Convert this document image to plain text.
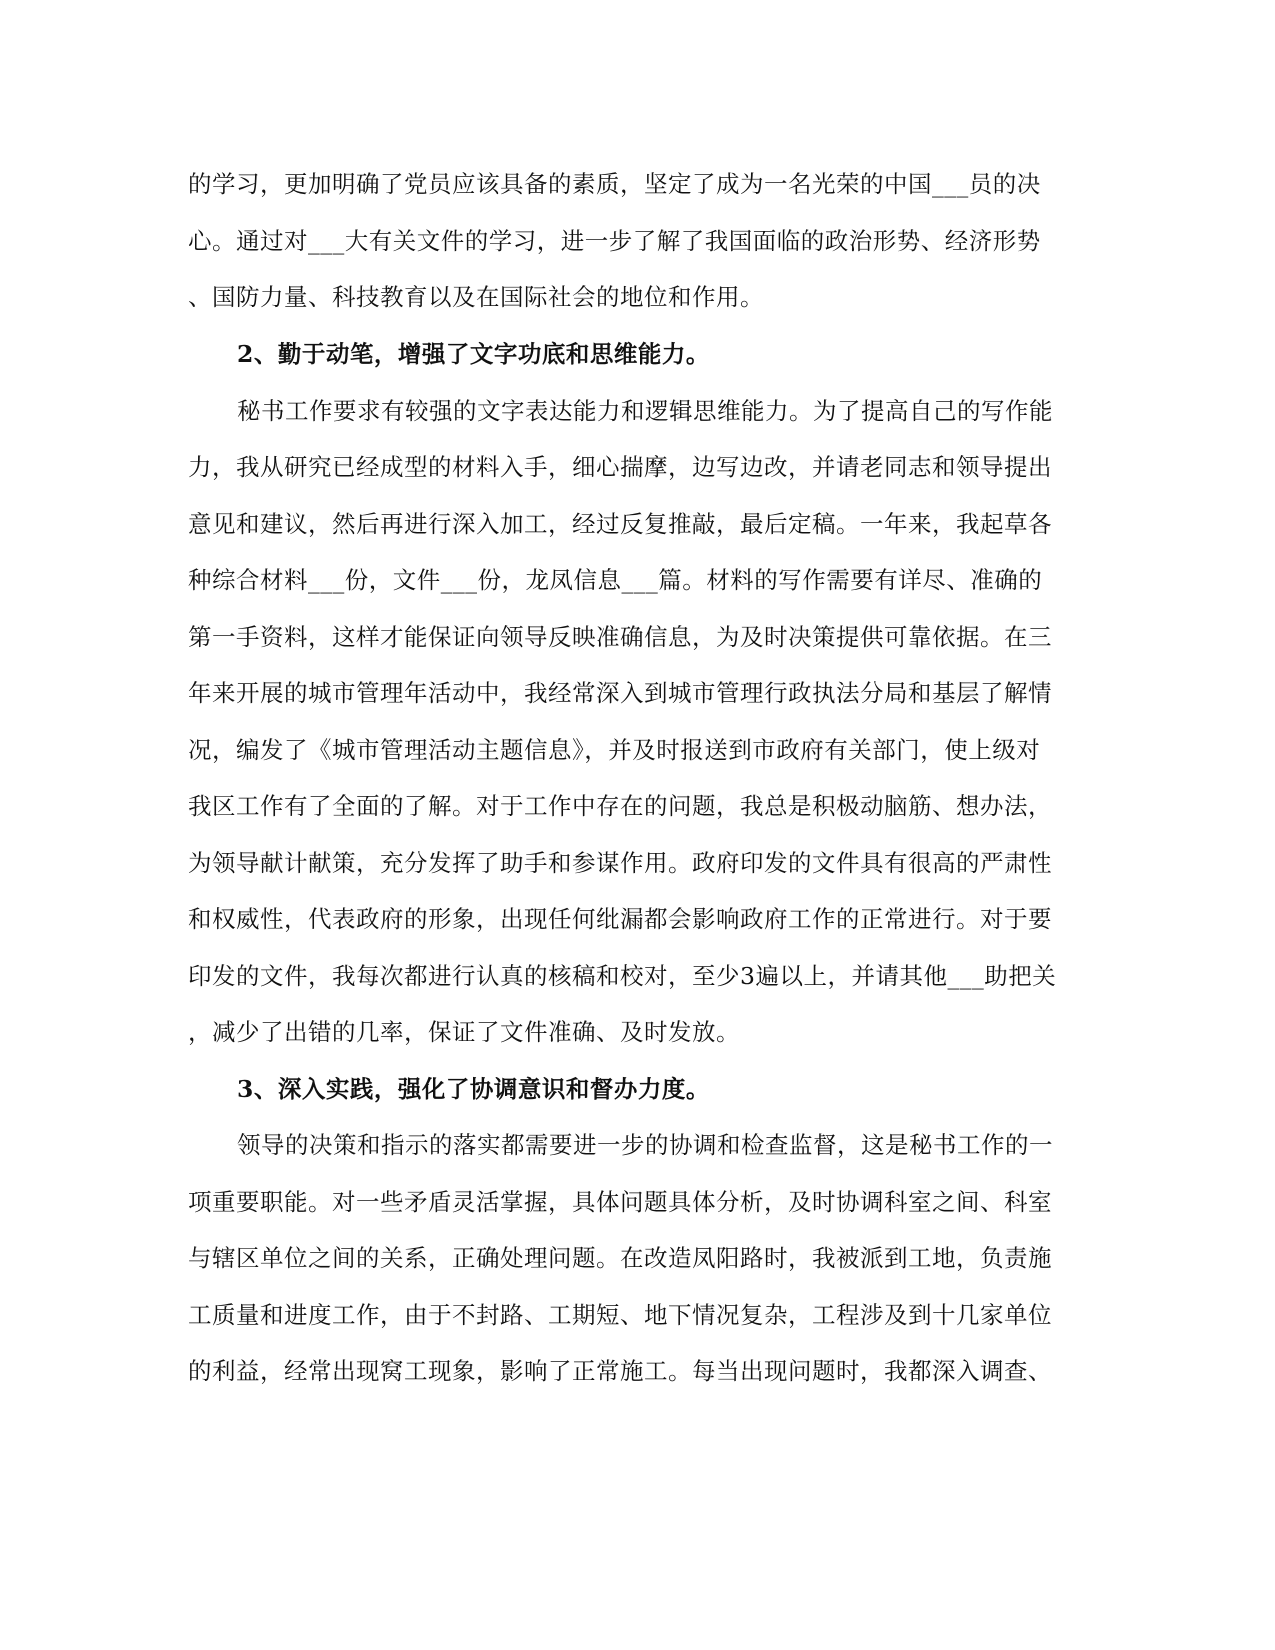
的学习，更加明确了党员应该具备的素质，坚定了成为一名光荣的中国___员的决
心。通过对___大有关文件的学习，进一步了解了我国面临的政治形势、经济形势
、国防力量、科技教育以及在国际社会的地位和作用。
2、勤于动笔，增强了文字功底和思维能力。
秘书工作要求有较强的文字表达能力和逻辑思维能力。为了提高自己的写作能
力，我从研究已经成型的材料入手，细心揣摩，边写边改，并请老同志和领导提出
意见和建议，然后再进行深入加工，经过反复推敲，最后定稿。一年来，我起草各
种综合材料___份，文件___份，龙凤信息___篇。材料的写作需要有详尽、准确的
第一手资料，这样才能保证向领导反映准确信息，为及时决策提供可靠依据。在三
年来开展的城市管理年活动中，我经常深入到城市管理行政执法分局和基层了解情
况，编发了《城市管理活动主题信息》，并及时报送到市政府有关部门，使上级对
我区工作有了全面的了解。对于工作中存在的问题，我总是积极动脑筋、想办法，
为领导献计献策，充分发挥了助手和参谋作用。政府印发的文件具有很高的严肃性
和权威性，代表政府的形象，出现任何纰漏都会影响政府工作的正常进行。对于要
印发的文件，我每次都进行认真的核稿和校对，至少3遍以上，并请其他___助把关
，减少了出错的几率，保证了文件准确、及时发放。
3、深入实践，强化了协调意识和督办力度。
领导的决策和指示的落实都需要进一步的协调和检查监督，这是秘书工作的一
项重要职能。对一些矛盾灵活掌握，具体问题具体分析，及时协调科室之间、科室
与辖区单位之间的关系，正确处理问题。在改造凤阳路时，我被派到工地，负责施
工质量和进度工作，由于不封路、工期短、地下情况复杂，工程涉及到十几家单位
的利益，经常出现窝工现象，影响了正常施工。每当出现问题时，我都深入调查、
